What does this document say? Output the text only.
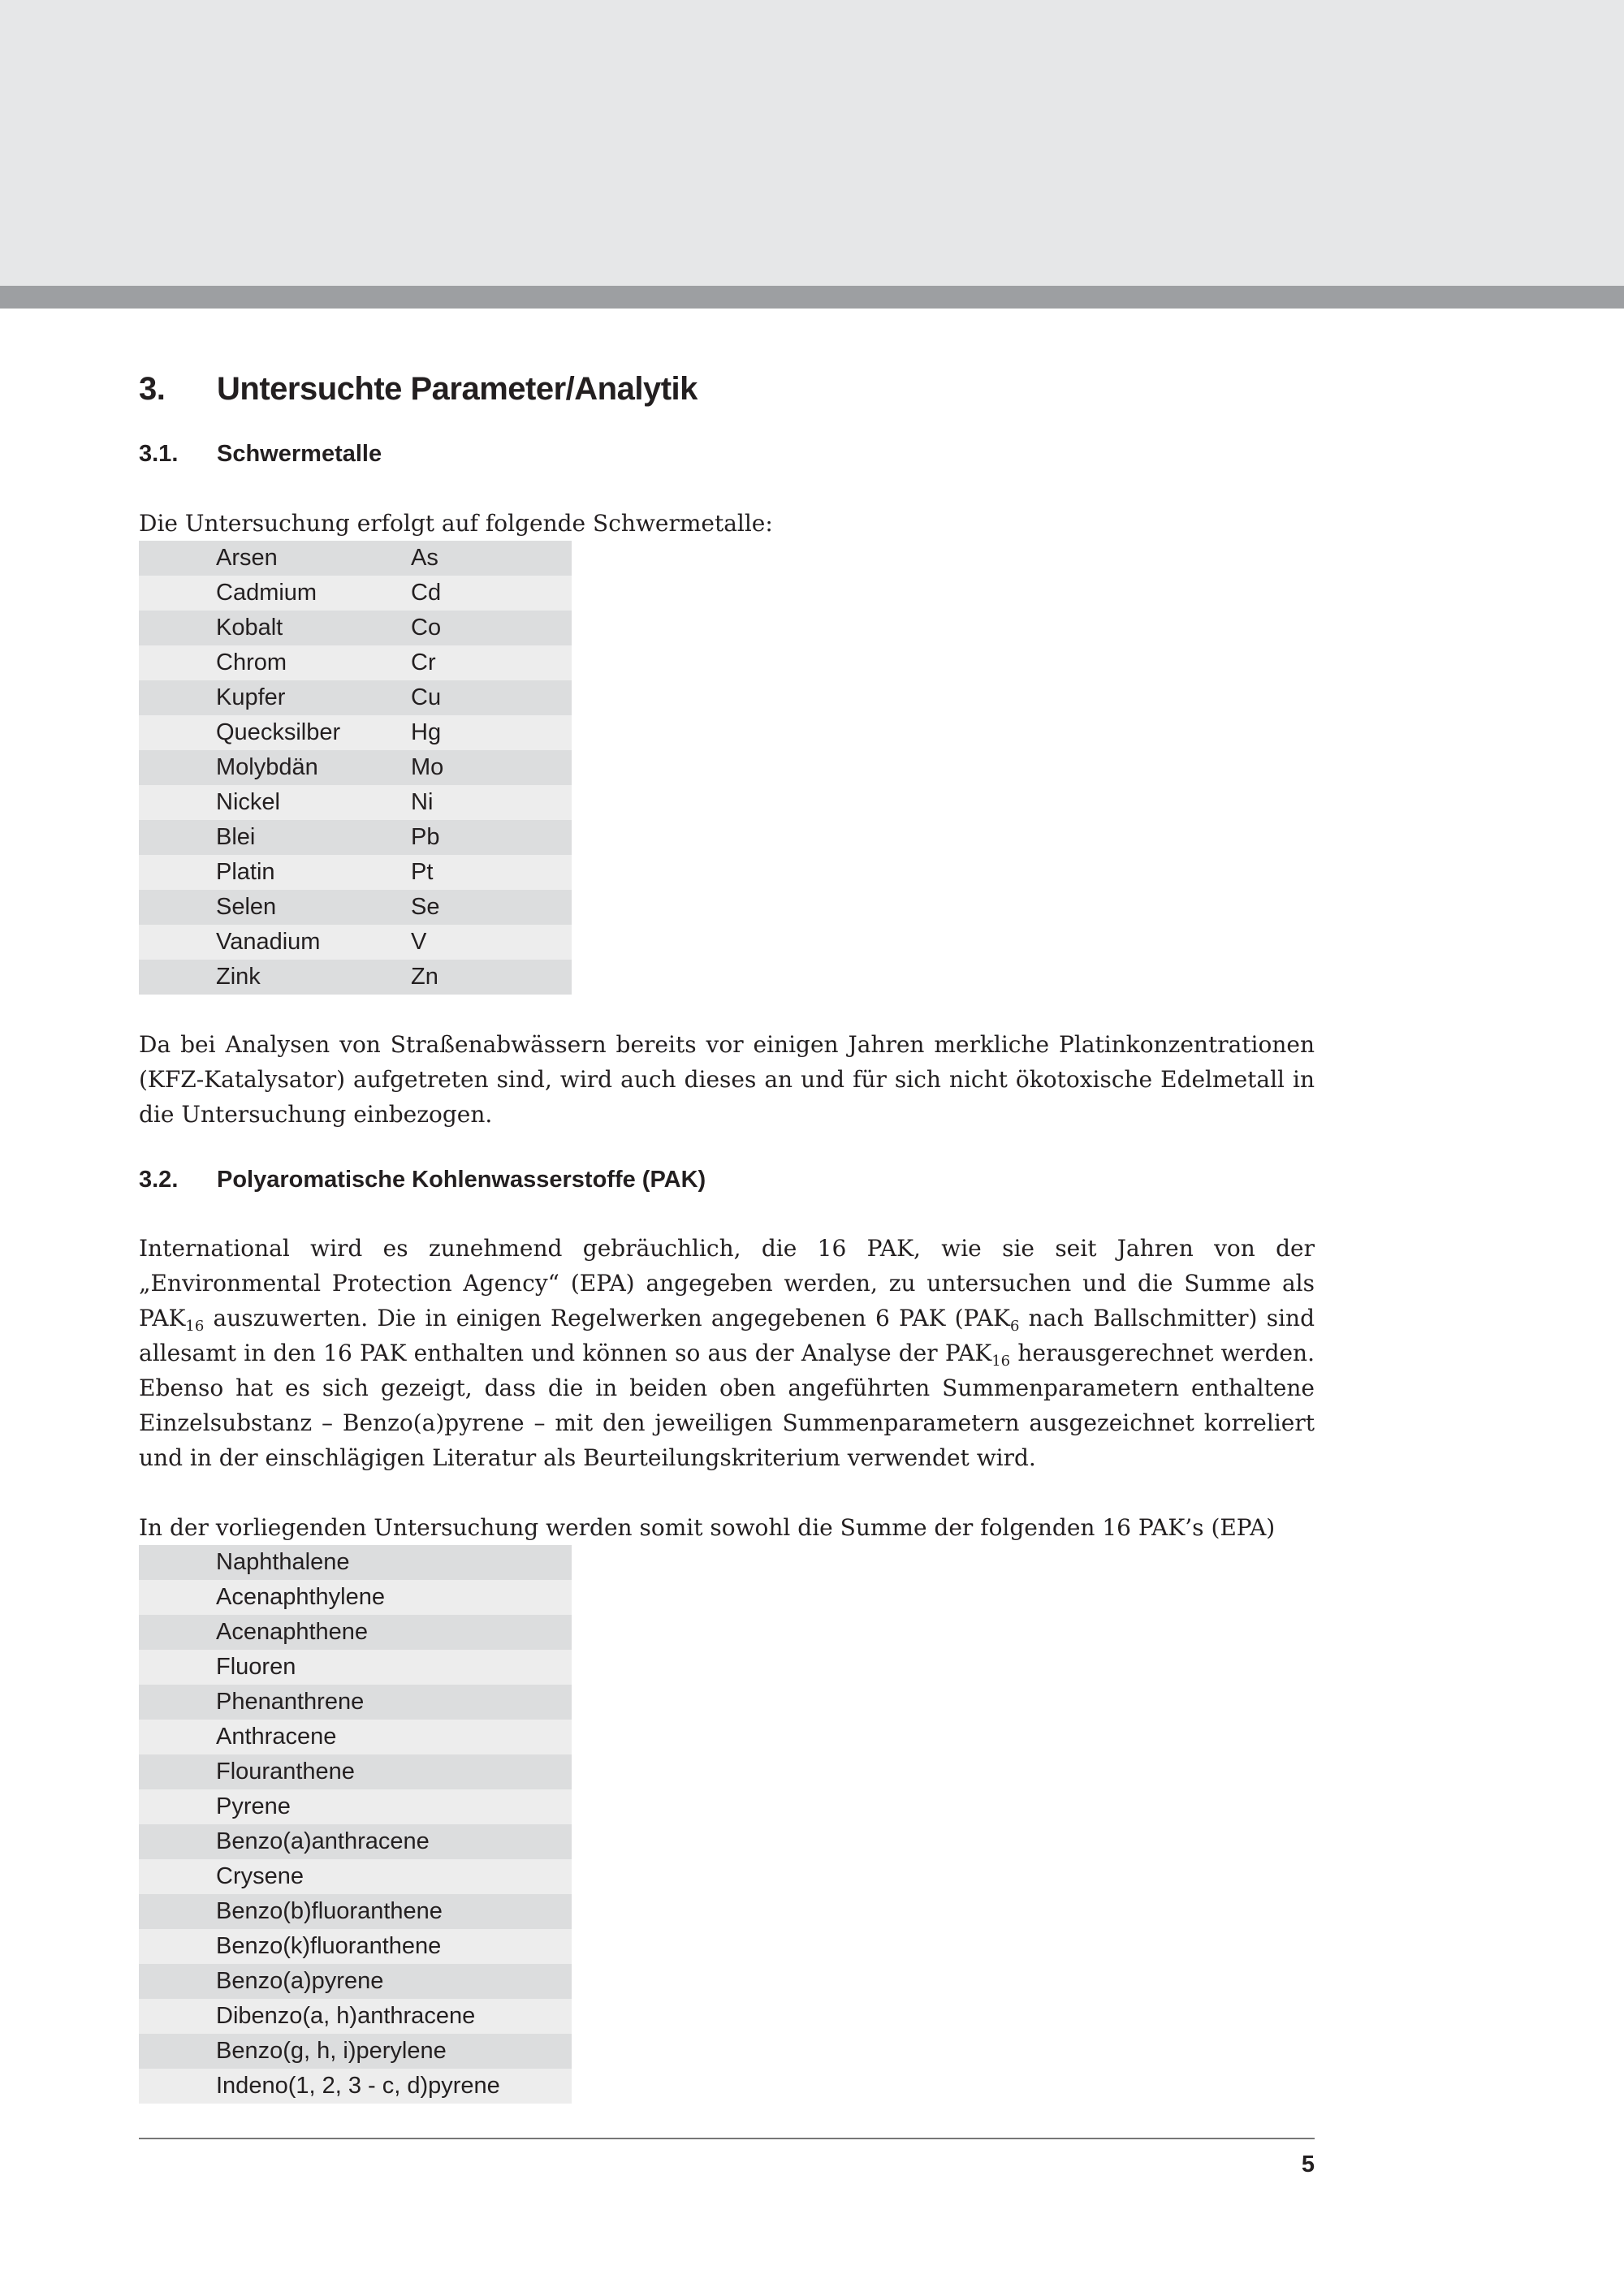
3.	Untersuchte Parameter/Analytik
3.1.	Schwermetalle

Die Untersuchung erfolgt auf folgende Schwermetalle:

Arsen	As
Cadmium	Cd
Kobalt	Co
Chrom	Cr
Kupfer	Cu
Quecksilber	Hg
Molybdän	Mo
Nickel	Ni
Blei	Pb
Platin	Pt
Selen	Se
Vanadium	V
Zink	Zn

Da bei Analysen von Straßenabwässern bereits vor einigen Jahren merkliche Platinkonzentrationen (KFZ-Katalysator) aufgetreten sind, wird auch dieses an und für sich nicht ökotoxische Edelmetall in die Untersuchung einbezogen.

3.2.	Polyaromatische Kohlenwasserstoffe (PAK)

International wird es zunehmend gebräuchlich, die 16 PAK, wie sie seit Jahren von der „Environmental Protection Agency“ (EPA) angegeben werden, zu untersuchen und die Summe als $PAK_{16}$ auszuwerten. Die in einigen Regelwerken angegebenen 6 PAK ($PAK_6$ nach Ballschmitter) sind allesamt in den 16 PAK enthalten und können so aus der Analyse der $PAK_{16}$ herausgerechnet werden. Ebenso hat es sich gezeigt, dass die in beiden oben angeführten Summenparametern enthaltene Einzelsubstanz – Benzo(a)pyrene – mit den jeweiligen Summenparametern ausgezeichnet korreliert und in der einschlägigen Literatur als Beurteilungskriterium verwendet wird.

In der vorliegenden Untersuchung werden somit sowohl die Summe der folgenden 16 PAK’s (EPA)

Naphthalene
Acenaphthylene
Acenaphthene
Fluoren
Phenanthrene
Anthracene
Flouranthene
Pyrene
Benzo(a)anthracene
Crysene
Benzo(b)fluoranthene
Benzo(k)fluoranthene
Benzo(a)pyrene
Dibenzo(a, h)anthracene
Benzo(g, h, i)perylene
Indeno(1, 2, 3 - c, d)pyrene
5
